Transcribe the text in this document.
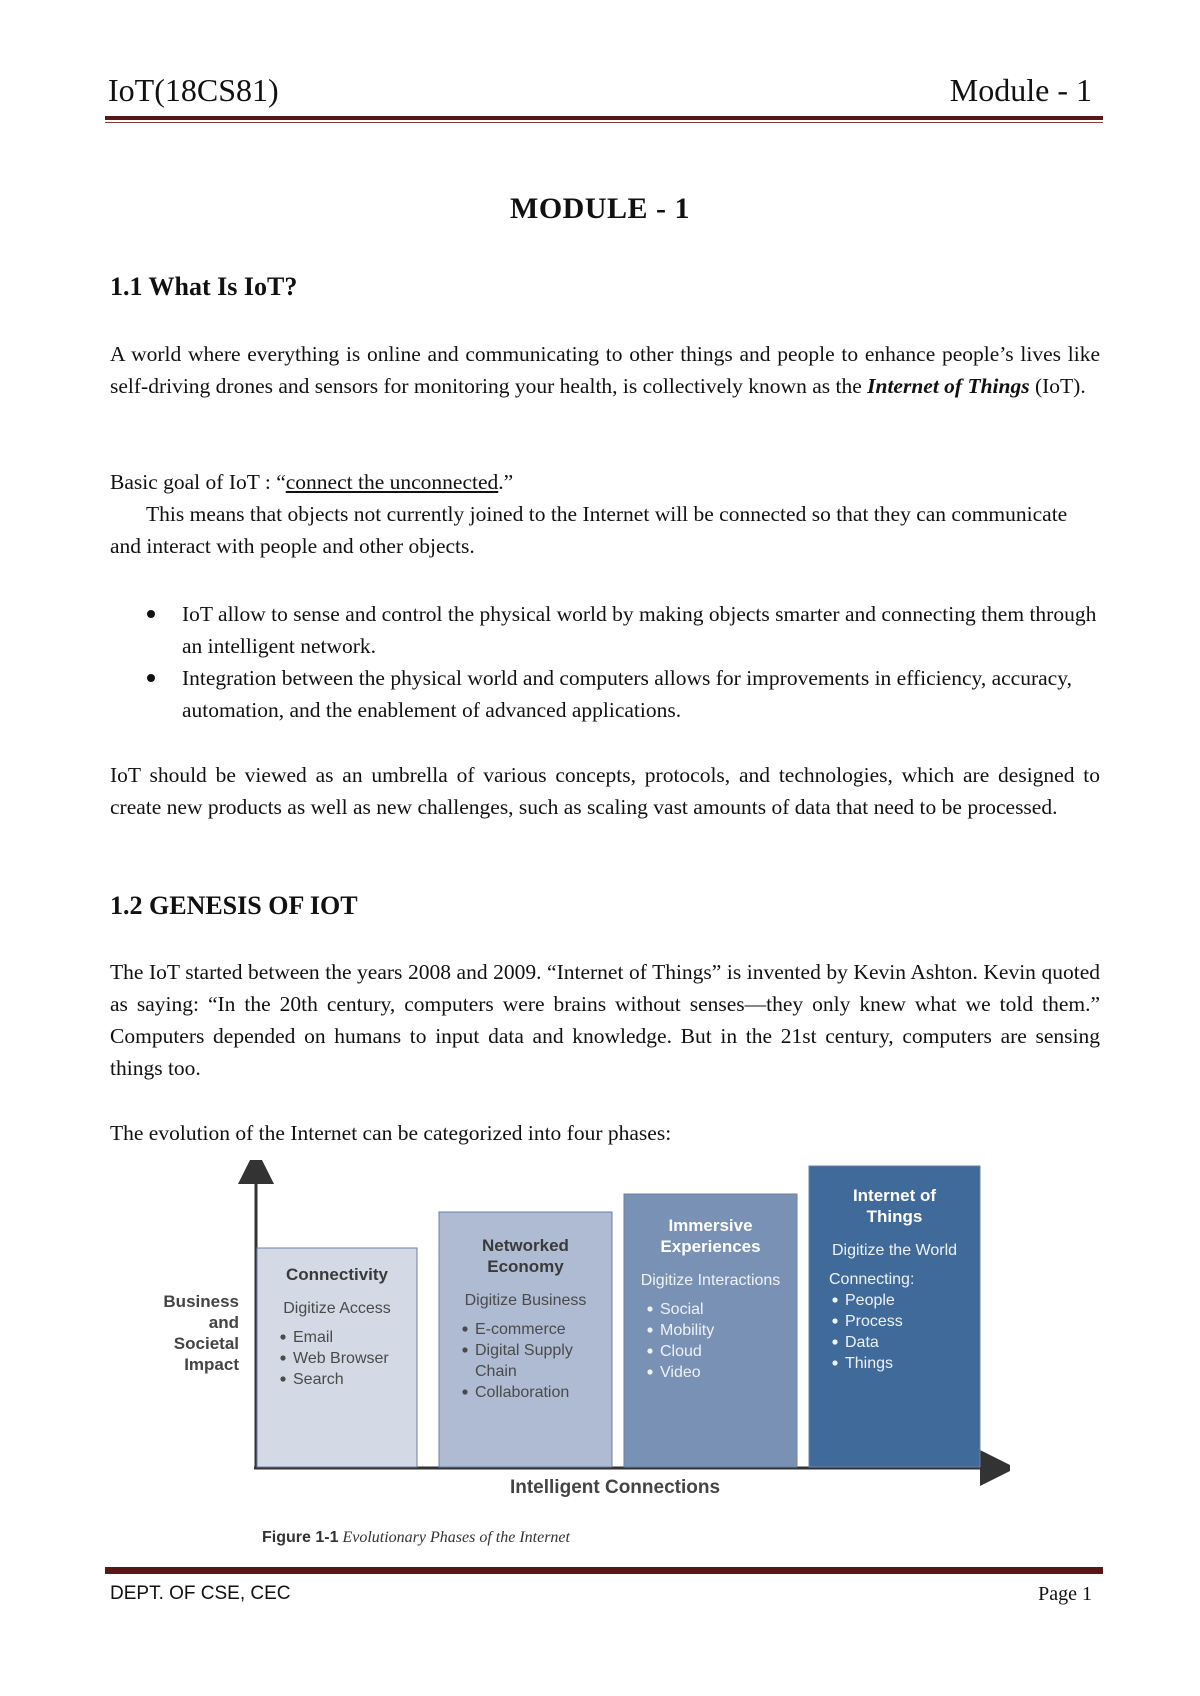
IoT(18CS81)	Module - 1
MODULE - 1
1.1 What Is IoT?

A world where everything is online and communicating to other things and people to enhance people’s lives like self-driving drones and sensors for monitoring your health, is collectively known as the Internet of Things (IoT).

Basic goal of IoT : “connect the unconnected.”

This means that objects not currently joined to the Internet will be connected so that they can communicate and interact with people and other objects.

IoT allow to sense and control the physical world by making objects smarter and connecting them through an intelligent network.
Integration between the physical world and computers allows for improvements in efficiency, accuracy, automation, and the enablement of advanced applications.

IoT should be viewed as an umbrella of various concepts, protocols, and technologies, which are designed to create new products as well as new challenges, such as scaling vast amounts of data that need to be processed.

1.2 GENESIS OF IOT

The IoT started between the years 2008 and 2009. “Internet of Things” is invented by Kevin Ashton. Kevin quoted as saying: “In the 20th century, computers were brains without senses—they only knew what we told them.” Computers depended on humans to input data and knowledge. But in the 21st century, computers are sensing things too.

The evolution of the Internet can be categorized into four phases:

Business
and
Societal
Impact
Intelligent Connections
Connectivity
Digitize Access
Email
Web Browser
Search
Networked
Economy
Digitize Business
E-commerce
Digital Supply
Chain
Collaboration
Immersive
Experiences
Digitize Interactions
Social
Mobility
Cloud
Video
Internet of
Things
Digitize the World
Connecting:
People
Process
Data
Things
Figure 1-1 Evolutionary Phases of the Internet
DEPT. OF CSE, CEC	Page 1
